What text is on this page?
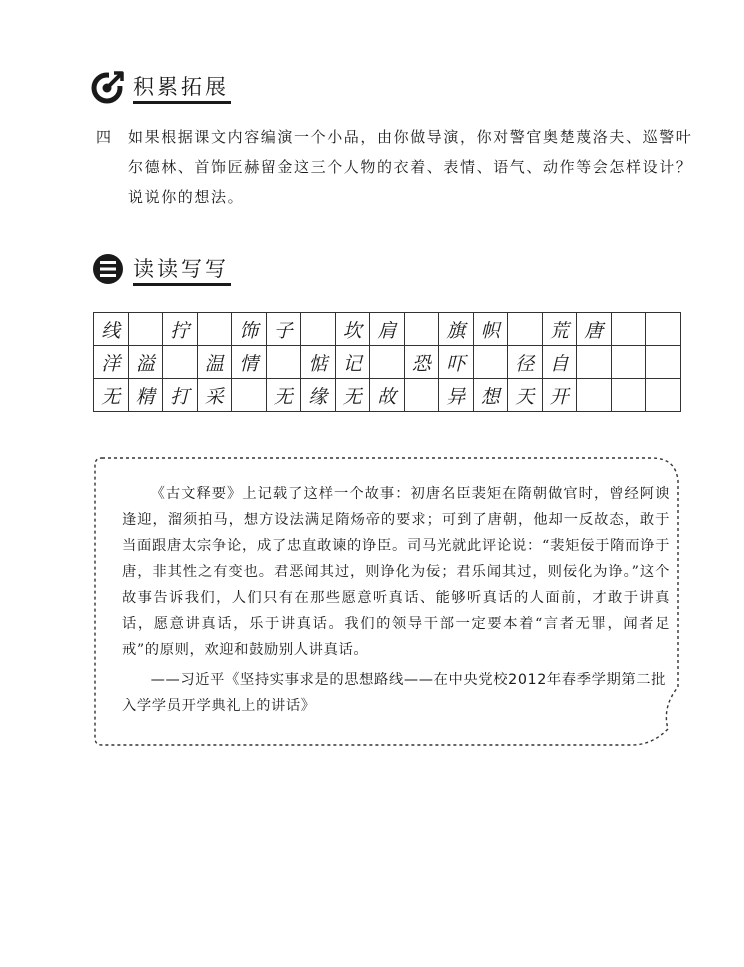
积累拓展
四 如果根据课文内容编演一个小品，由你做导演，你对警官奥楚蔑洛夫、巡警叶尔德林、首饰匠赫留金这三个人物的衣着、表情、语气、动作等会怎样设计？说说你的想法。
读读写写
线		拧		饰	子		坎	肩		旗	帜		荒	唐		
洋	溢		温	情		惦	记		恐	吓		径	自			
无	精	打	采		无	缘	无	故		异	想	天	开			

《古文释要》上记载了这样一个故事：初唐名臣裴矩在隋朝做官时，曾经阿谀逢迎，溜须拍马，想方设法满足隋炀帝的要求；可到了唐朝，他却一反故态，敢于当面跟唐太宗争论，成了忠直敢谏的诤臣。司马光就此评论说：“裴矩佞于隋而诤于唐，非其性之有变也。君恶闻其过，则诤化为佞；君乐闻其过，则佞化为诤。”这个故事告诉我们，人们只有在那些愿意听真话、能够听真话的人面前，才敢于讲真话，愿意讲真话，乐于讲真话。我们的领导干部一定要本着“言者无罪，闻者足戒”的原则，欢迎和鼓励别人讲真话。

——习近平《坚持实事求是的思想路线——在中央党校2012年春季学期第二批入学学员开学典礼上的讲话》
